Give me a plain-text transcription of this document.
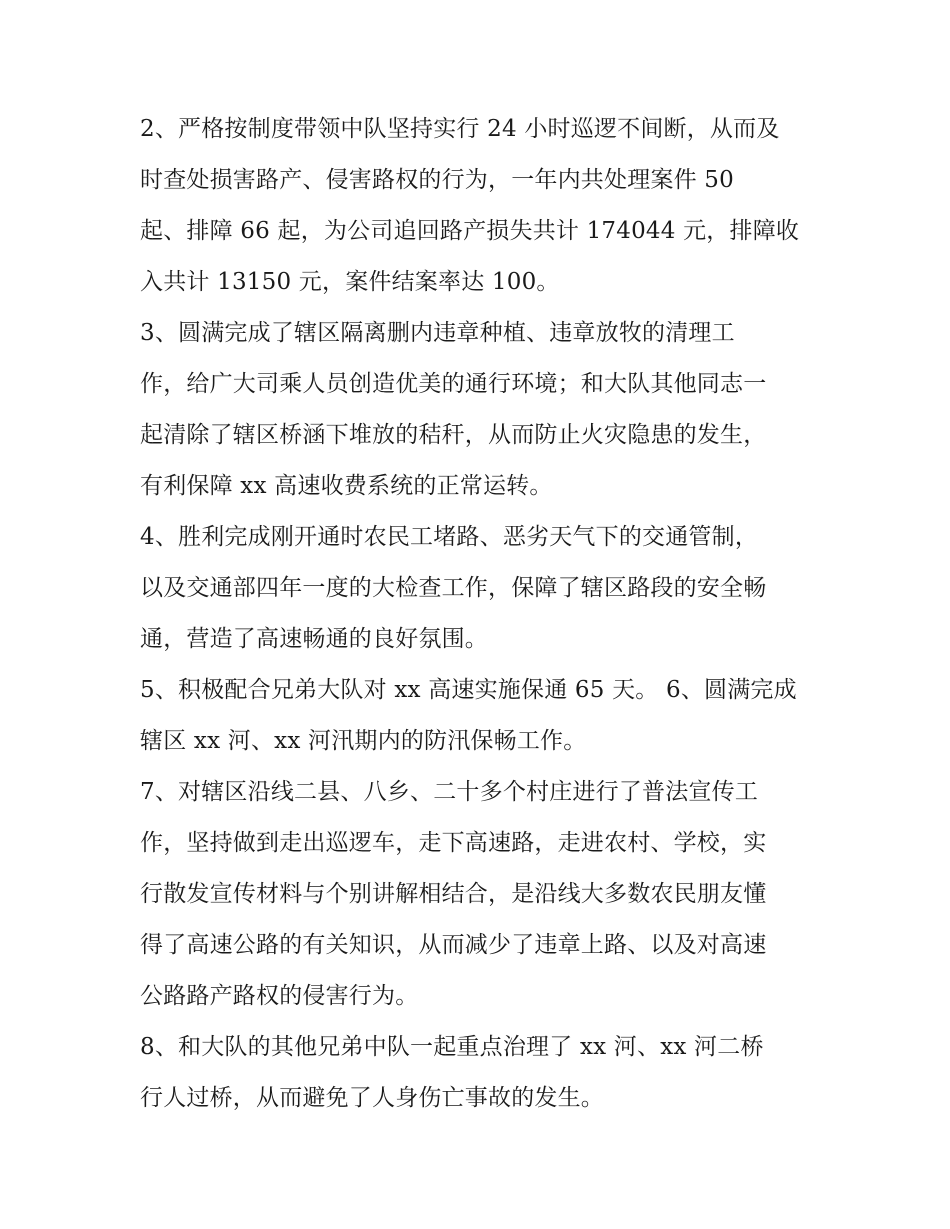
2、严格按制度带领中队坚持实行 24 小时巡逻不间断，从而及
时查处损害路产、侵害路权的行为，一年内共处理案件 50
起、排障 66 起，为公司追回路产损失共计 174044 元，排障收
入共计 13150 元，案件结案率达 100。
3、圆满完成了辖区隔离删内违章种植、违章放牧的清理工
作，给广大司乘人员创造优美的通行环境；和大队其他同志一
起清除了辖区桥涵下堆放的秸秆，从而防止火灾隐患的发生，
有利保障 xx 高速收费系统的正常运转。
4、胜利完成刚开通时农民工堵路、恶劣天气下的交通管制，
以及交通部四年一度的大检查工作，保障了辖区路段的安全畅
通，营造了高速畅通的良好氛围。
5、积极配合兄弟大队对 xx 高速实施保通 65 天。 6、圆满完成
辖区 xx 河、xx 河汛期内的防汛保畅工作。
7、对辖区沿线二县、八乡、二十多个村庄进行了普法宣传工
作，坚持做到走出巡逻车，走下高速路，走进农村、学校，实
行散发宣传材料与个别讲解相结合，是沿线大多数农民朋友懂
得了高速公路的有关知识，从而减少了违章上路、以及对高速
公路路产路权的侵害行为。
8、和大队的其他兄弟中队一起重点治理了 xx 河、xx 河二桥
行人过桥，从而避免了人身伤亡事故的发生。
